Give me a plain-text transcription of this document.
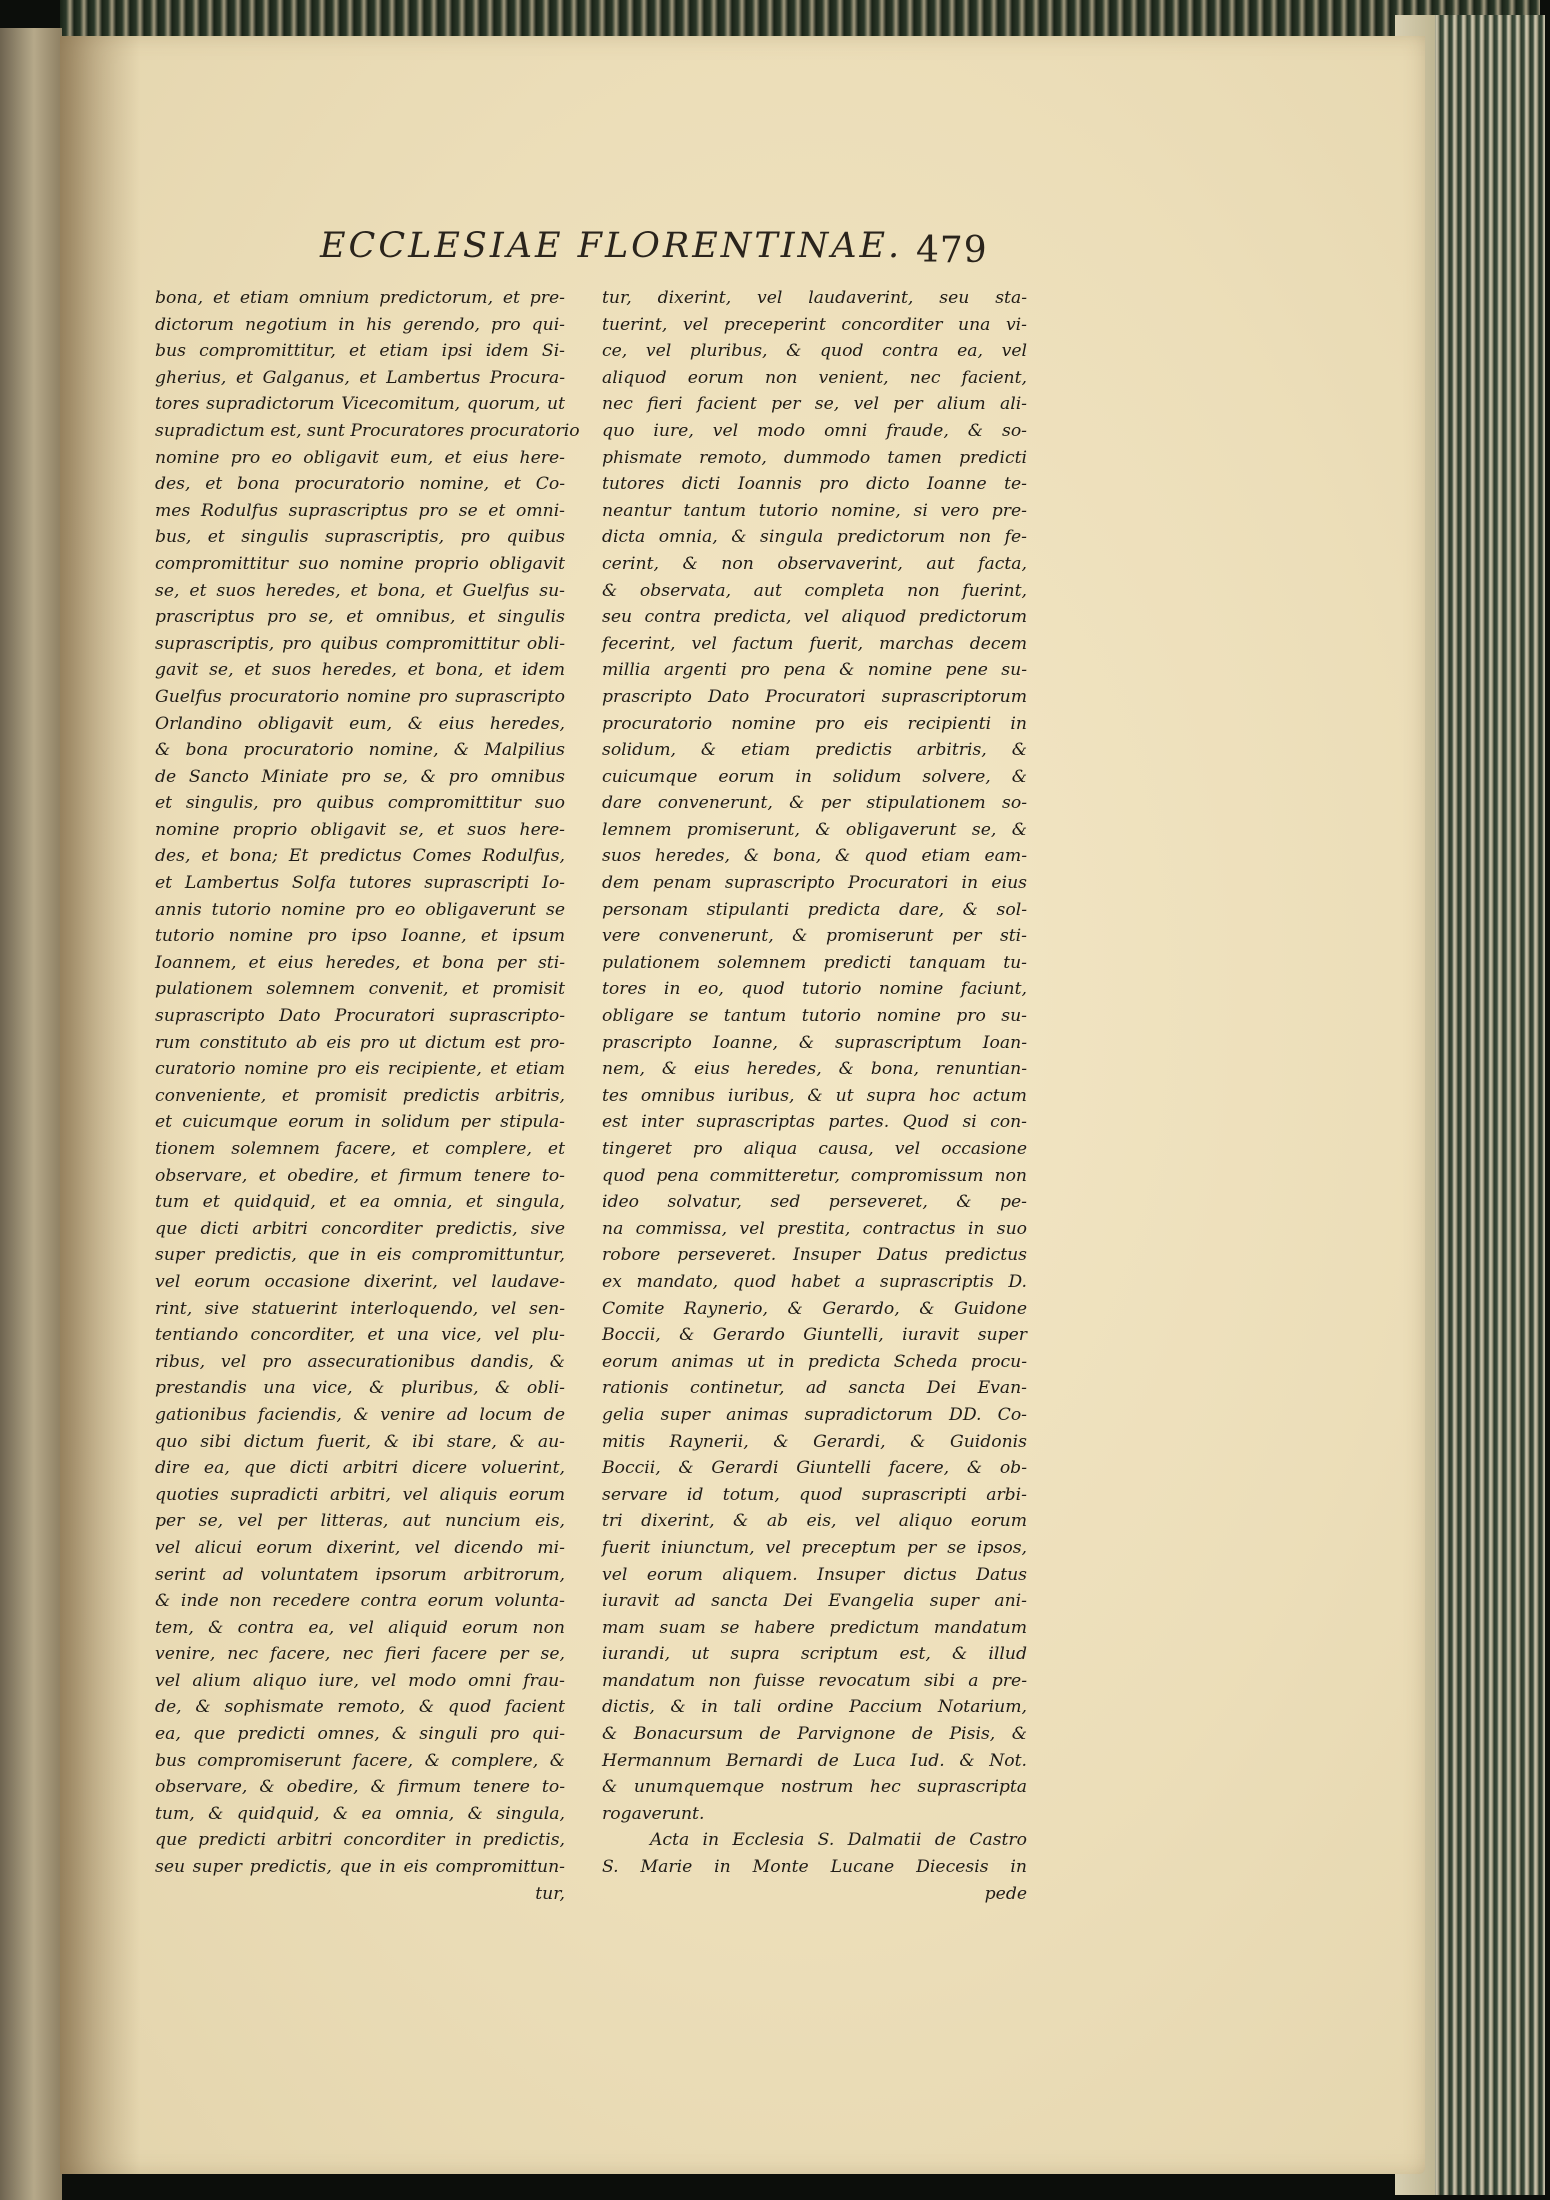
ECCLESIAE FLORENTINAE. 479
bona, et etiam omnium predictorum, et pre-
dictorum negotium in his gerendo, pro qui-
bus compromittitur, et etiam ipsi idem Si-
gherius, et Galganus, et Lambertus Procura-
tores supradictorum Vicecomitum, quorum, ut
supradictum est, sunt Procuratores procuratorio
nomine pro eo obligavit eum, et eius here-
des, et bona procuratorio nomine, et Co-
mes Rodulfus suprascriptus pro se et omni-
bus, et singulis suprascriptis, pro quibus
compromittitur suo nomine proprio obligavit
se, et suos heredes, et bona, et Guelfus su-
prascriptus pro se, et omnibus, et singulis
suprascriptis, pro quibus compromittitur obli-
gavit se, et suos heredes, et bona, et idem
Guelfus procuratorio nomine pro suprascripto
Orlandino obligavit eum, & eius heredes,
& bona procuratorio nomine, & Malpilius
de Sancto Miniate pro se, & pro omnibus
et singulis, pro quibus compromittitur suo
nomine proprio obligavit se, et suos here-
des, et bona; Et predictus Comes Rodulfus,
et Lambertus Solfa tutores suprascripti Io-
annis tutorio nomine pro eo obligaverunt se
tutorio nomine pro ipso Ioanne, et ipsum
Ioannem, et eius heredes, et bona per sti-
pulationem solemnem convenit, et promisit
suprascripto Dato Procuratori suprascripto-
rum constituto ab eis pro ut dictum est pro-
curatorio nomine pro eis recipiente, et etiam
conveniente, et promisit predictis arbitris,
et cuicumque eorum in solidum per stipula-
tionem solemnem facere, et complere, et
observare, et obedire, et firmum tenere to-
tum et quidquid, et ea omnia, et singula,
que dicti arbitri concorditer predictis, sive
super predictis, que in eis compromittuntur,
vel eorum occasione dixerint, vel laudave-
rint, sive statuerint interloquendo, vel sen-
tentiando concorditer, et una vice, vel plu-
ribus, vel pro assecurationibus dandis, &
prestandis una vice, & pluribus, & obli-
gationibus faciendis, & venire ad locum de
quo sibi dictum fuerit, & ibi stare, & au-
dire ea, que dicti arbitri dicere voluerint,
quoties supradicti arbitri, vel aliquis eorum
per se, vel per litteras, aut nuncium eis,
vel alicui eorum dixerint, vel dicendo mi-
serint ad voluntatem ipsorum arbitrorum,
& inde non recedere contra eorum volunta-
tem, & contra ea, vel aliquid eorum non
venire, nec facere, nec fieri facere per se,
vel alium aliquo iure, vel modo omni frau-
de, & sophismate remoto, & quod facient
ea, que predicti omnes, & singuli pro qui-
bus compromiserunt facere, & complere, &
observare, & obedire, & firmum tenere to-
tum, & quidquid, & ea omnia, & singula,
que predicti arbitri concorditer in predictis,
seu super predictis, que in eis compromittun-
tur,
tur, dixerint, vel laudaverint, seu sta-
tuerint, vel preceperint concorditer una vi-
ce, vel pluribus, & quod contra ea, vel
aliquod eorum non venient, nec facient,
nec fieri facient per se, vel per alium ali-
quo iure, vel modo omni fraude, & so-
phismate remoto, dummodo tamen predicti
tutores dicti Ioannis pro dicto Ioanne te-
neantur tantum tutorio nomine, si vero pre-
dicta omnia, & singula predictorum non fe-
cerint, & non observaverint, aut facta,
& observata, aut completa non fuerint,
seu contra predicta, vel aliquod predictorum
fecerint, vel factum fuerit, marchas decem
millia argenti pro pena & nomine pene su-
prascripto Dato Procuratori suprascriptorum
procuratorio nomine pro eis recipienti in
solidum, & etiam predictis arbitris, &
cuicumque eorum in solidum solvere, &
dare convenerunt, & per stipulationem so-
lemnem promiserunt, & obligaverunt se, &
suos heredes, & bona, & quod etiam eam-
dem penam suprascripto Procuratori in eius
personam stipulanti predicta dare, & sol-
vere convenerunt, & promiserunt per sti-
pulationem solemnem predicti tanquam tu-
tores in eo, quod tutorio nomine faciunt,
obligare se tantum tutorio nomine pro su-
prascripto Ioanne, & suprascriptum Ioan-
nem, & eius heredes, & bona, renuntian-
tes omnibus iuribus, & ut supra hoc actum
est inter suprascriptas partes. Quod si con-
tingeret pro aliqua causa, vel occasione
quod pena committeretur, compromissum non
ideo solvatur, sed perseveret, & pe-
na commissa, vel prestita, contractus in suo
robore perseveret. Insuper Datus predictus
ex mandato, quod habet a suprascriptis D.
Comite Raynerio, & Gerardo, & Guidone
Boccii, & Gerardo Giuntelli, iuravit super
eorum animas ut in predicta Scheda procu-
rationis continetur, ad sancta Dei Evan-
gelia super animas supradictorum DD. Co-
mitis Raynerii, & Gerardi, & Guidonis
Boccii, & Gerardi Giuntelli facere, & ob-
servare id totum, quod suprascripti arbi-
tri dixerint, & ab eis, vel aliquo eorum
fuerit iniunctum, vel preceptum per se ipsos,
vel eorum aliquem. Insuper dictus Datus
iuravit ad sancta Dei Evangelia super ani-
mam suam se habere predictum mandatum
iurandi, ut supra scriptum est, & illud
mandatum non fuisse revocatum sibi a pre-
dictis, & in tali ordine Paccium Notarium,
& Bonacursum de Parvignone de Pisis, &
Hermannum Bernardi de Luca Iud. & Not.
& unumquemque nostrum hec suprascripta
rogaverunt.
Acta in Ecclesia S. Dalmatii de Castro
S. Marie in Monte Lucane Diecesis in
pede
